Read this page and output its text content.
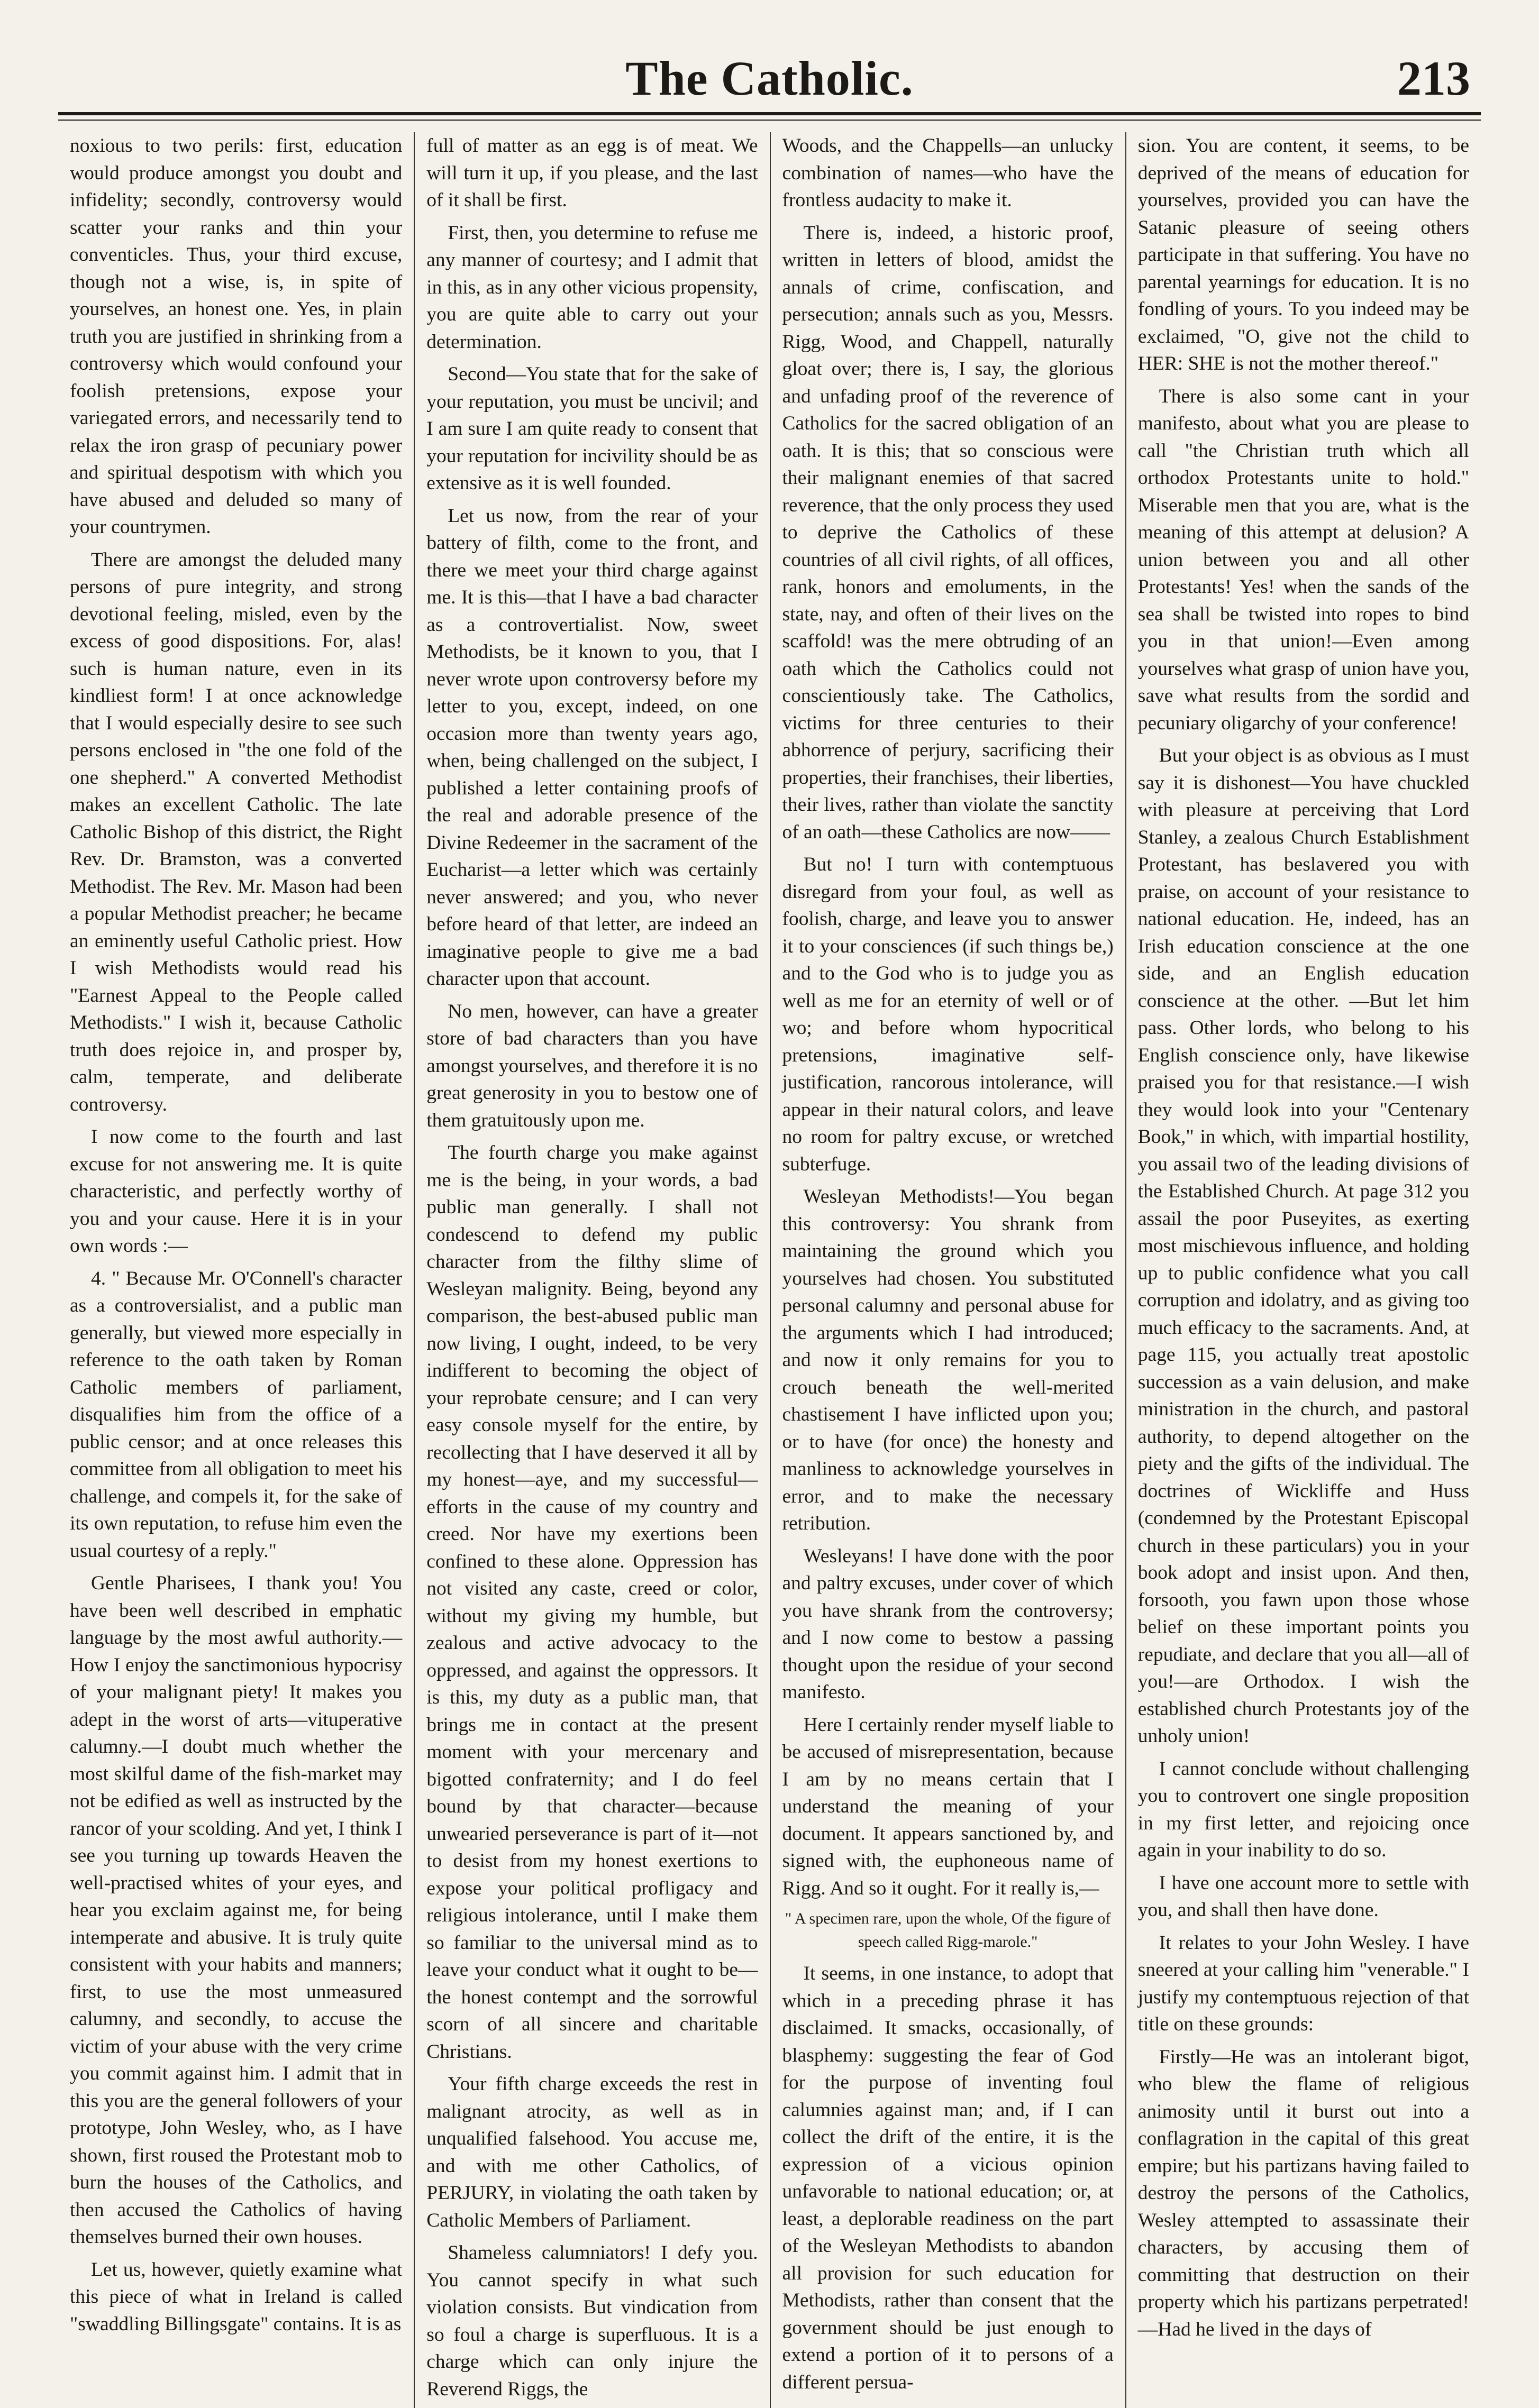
The Catholic.	213

noxious to two perils: first, education would produce amongst you doubt and infidelity; secondly, controversy would scatter your ranks and thin your conventicles. Thus, your third excuse, though not a wise, is, in spite of yourselves, an honest one. Yes, in plain truth you are justified in shrinking from a controversy which would confound your foolish pretensions, expose your variegated errors, and necessarily tend to relax the iron grasp of pecuniary power and spiritual despotism with which you have abused and deluded so many of your countrymen.

There are amongst the deluded many persons of pure integrity, and strong devotional feeling, misled, even by the excess of good dispositions. For, alas! such is human nature, even in its kindliest form! I at once acknowledge that I would especially desire to see such persons enclosed in "the one fold of the one shepherd." A converted Methodist makes an excellent Catholic. The late Catholic Bishop of this district, the Right Rev. Dr. Bramston, was a converted Methodist. The Rev. Mr. Mason had been a popular Methodist preacher; he became an eminently useful Catholic priest. How I wish Methodists would read his "Earnest Appeal to the People called Methodists." I wish it, because Catholic truth does rejoice in, and prosper by, calm, temperate, and deliberate controversy.

I now come to the fourth and last excuse for not answering me. It is quite characteristic, and perfectly worthy of you and your cause. Here it is in your own words :—

4. " Because Mr. O'Connell's character as a controversialist, and a public man generally, but viewed more especially in reference to the oath taken by Roman Catholic members of parliament, disqualifies him from the office of a public censor; and at once releases this committee from all obligation to meet his challenge, and compels it, for the sake of its own reputation, to refuse him even the usual courtesy of a reply."

Gentle Pharisees, I thank you! You have been well described in emphatic language by the most awful authority.—How I enjoy the sanctimonious hypocrisy of your malignant piety! It makes you adept in the worst of arts—vituperative calumny.—I doubt much whether the most skilful dame of the fish-market may not be edified as well as instructed by the rancor of your scolding. And yet, I think I see you turning up towards Heaven the well-practised whites of your eyes, and hear you exclaim against me, for being intemperate and abusive. It is truly quite consistent with your habits and manners; first, to use the most unmeasured calumny, and secondly, to accuse the victim of your abuse with the very crime you commit against him. I admit that in this you are the general followers of your prototype, John Wesley, who, as I have shown, first roused the Protestant mob to burn the houses of the Catholics, and then accused the Catholics of having themselves burned their own houses.

Let us, however, quietly examine what this piece of what in Ireland is called "swaddling Billingsgate" contains. It is as

full of matter as an egg is of meat. We will turn it up, if you please, and the last of it shall be first.

First, then, you determine to refuse me any manner of courtesy; and I admit that in this, as in any other vicious propensity, you are quite able to carry out your determination.

Second—You state that for the sake of your reputation, you must be uncivil; and I am sure I am quite ready to consent that your reputation for incivility should be as extensive as it is well founded.

Let us now, from the rear of your battery of filth, come to the front, and there we meet your third charge against me. It is this—that I have a bad character as a controvertialist. Now, sweet Methodists, be it known to you, that I never wrote upon controversy before my letter to you, except, indeed, on one occasion more than twenty years ago, when, being challenged on the subject, I published a letter containing proofs of the real and adorable presence of the Divine Redeemer in the sacrament of the Eucharist—a letter which was certainly never answered; and you, who never before heard of that letter, are indeed an imaginative people to give me a bad character upon that account.

No men, however, can have a greater store of bad characters than you have amongst yourselves, and therefore it is no great generosity in you to bestow one of them gratuitously upon me.

The fourth charge you make against me is the being, in your words, a bad public man generally. I shall not condescend to defend my public character from the filthy slime of Wesleyan malignity. Being, beyond any comparison, the best-abused public man now living, I ought, indeed, to be very indifferent to becoming the object of your reprobate censure; and I can very easy console myself for the entire, by recollecting that I have deserved it all by my honest—aye, and my successful—efforts in the cause of my country and creed. Nor have my exertions been confined to these alone. Oppression has not visited any caste, creed or color, without my giving my humble, but zealous and active advocacy to the oppressed, and against the oppressors. It is this, my duty as a public man, that brings me in contact at the present moment with your mercenary and bigotted confraternity; and I do feel bound by that character—because unwearied perseverance is part of it—not to desist from my honest exertions to expose your political profligacy and religious intolerance, until I make them so familiar to the universal mind as to leave your conduct what it ought to be—the honest contempt and the sorrowful scorn of all sincere and charitable Christians.

Your fifth charge exceeds the rest in malignant atrocity, as well as in unqualified falsehood. You accuse me, and with me other Catholics, of PERJURY, in violating the oath taken by Catholic Members of Parliament.

Shameless calumniators! I defy you. You cannot specify in what such violation consists. But vindication from so foul a charge is superfluous. It is a charge which can only injure the Reverend Riggs, the

Woods, and the Chappells—an unlucky combination of names—who have the frontless audacity to make it.

There is, indeed, a historic proof, written in letters of blood, amidst the annals of crime, confiscation, and persecution; annals such as you, Messrs. Rigg, Wood, and Chappell, naturally gloat over; there is, I say, the glorious and unfading proof of the reverence of Catholics for the sacred obligation of an oath. It is this; that so conscious were their malignant enemies of that sacred reverence, that the only process they used to deprive the Catholics of these countries of all civil rights, of all offices, rank, honors and emoluments, in the state, nay, and often of their lives on the scaffold! was the mere obtruding of an oath which the Catholics could not conscientiously take. The Catholics, victims for three centuries to their abhorrence of perjury, sacrificing their properties, their franchises, their liberties, their lives, rather than violate the sanctity of an oath—these Catholics are now——

But no! I turn with contemptuous disregard from your foul, as well as foolish, charge, and leave you to answer it to your consciences (if such things be,) and to the God who is to judge you as well as me for an eternity of well or of wo; and before whom hypocritical pretensions, imaginative self-justification, rancorous intolerance, will appear in their natural colors, and leave no room for paltry excuse, or wretched subterfuge.

Wesleyan Methodists!—You began this controversy: You shrank from maintaining the ground which you yourselves had chosen. You substituted personal calumny and personal abuse for the arguments which I had introduced; and now it only remains for you to crouch beneath the well-merited chastisement I have inflicted upon you; or to have (for once) the honesty and manliness to acknowledge yourselves in error, and to make the necessary retribution.

Wesleyans! I have done with the poor and paltry excuses, under cover of which you have shrank from the controversy; and I now come to bestow a passing thought upon the residue of your second manifesto.

Here I certainly render myself liable to be accused of misrepresentation, because I am by no means certain that I understand the meaning of your document. It appears sanctioned by, and signed with, the euphoneous name of Rigg. And so it ought. For it really is,—

" A specimen rare, upon the whole, Of the figure of speech called Rigg-marole."

It seems, in one instance, to adopt that which in a preceding phrase it has disclaimed. It smacks, occasionally, of blasphemy: suggesting the fear of God for the purpose of inventing foul calumnies against man; and, if I can collect the drift of the entire, it is the expression of a vicious opinion unfavorable to national education; or, at least, a deplorable readiness on the part of the Wesleyan Methodists to abandon all provision for such education for Methodists, rather than consent that the government should be just enough to extend a portion of it to persons of a different persua-

sion. You are content, it seems, to be deprived of the means of education for yourselves, provided you can have the Satanic pleasure of seeing others participate in that suffering. You have no parental yearnings for education. It is no fondling of yours. To you indeed may be exclaimed, "O, give not the child to HER: SHE is not the mother thereof."

There is also some cant in your manifesto, about what you are please to call "the Christian truth which all orthodox Protestants unite to hold." Miserable men that you are, what is the meaning of this attempt at delusion? A union between you and all other Protestants! Yes! when the sands of the sea shall be twisted into ropes to bind you in that union!—Even among yourselves what grasp of union have you, save what results from the sordid and pecuniary oligarchy of your conference!

But your object is as obvious as I must say it is dishonest—You have chuckled with pleasure at perceiving that Lord Stanley, a zealous Church Establishment Protestant, has beslavered you with praise, on account of your resistance to national education. He, indeed, has an Irish education conscience at the one side, and an English education conscience at the other. —But let him pass. Other lords, who belong to his English conscience only, have likewise praised you for that resistance.—I wish they would look into your "Centenary Book," in which, with impartial hostility, you assail two of the leading divisions of the Established Church. At page 312 you assail the poor Puseyites, as exerting most mischievous influence, and holding up to public confidence what you call corruption and idolatry, and as giving too much efficacy to the sacraments. And, at page 115, you actually treat apostolic succession as a vain delusion, and make ministration in the church, and pastoral authority, to depend altogether on the piety and the gifts of the individual. The doctrines of Wickliffe and Huss (condemned by the Protestant Episcopal church in these particulars) you in your book adopt and insist upon. And then, forsooth, you fawn upon those whose belief on these important points you repudiate, and declare that you all—all of you!—are Orthodox. I wish the established church Protestants joy of the unholy union!

I cannot conclude without challenging you to controvert one single proposition in my first letter, and rejoicing once again in your inability to do so.

I have one account more to settle with you, and shall then have done.

It relates to your John Wesley. I have sneered at your calling him "venerable." I justify my contemptuous rejection of that title on these grounds:

Firstly—He was an intolerant bigot, who blew the flame of religious animosity until it burst out into a conflagration in the capital of this great empire; but his partizans having failed to destroy the persons of the Catholics, Wesley attempted to assassinate their characters, by accusing them of committing that destruction on their property which his partizans perpetrated!—Had he lived in the days of
